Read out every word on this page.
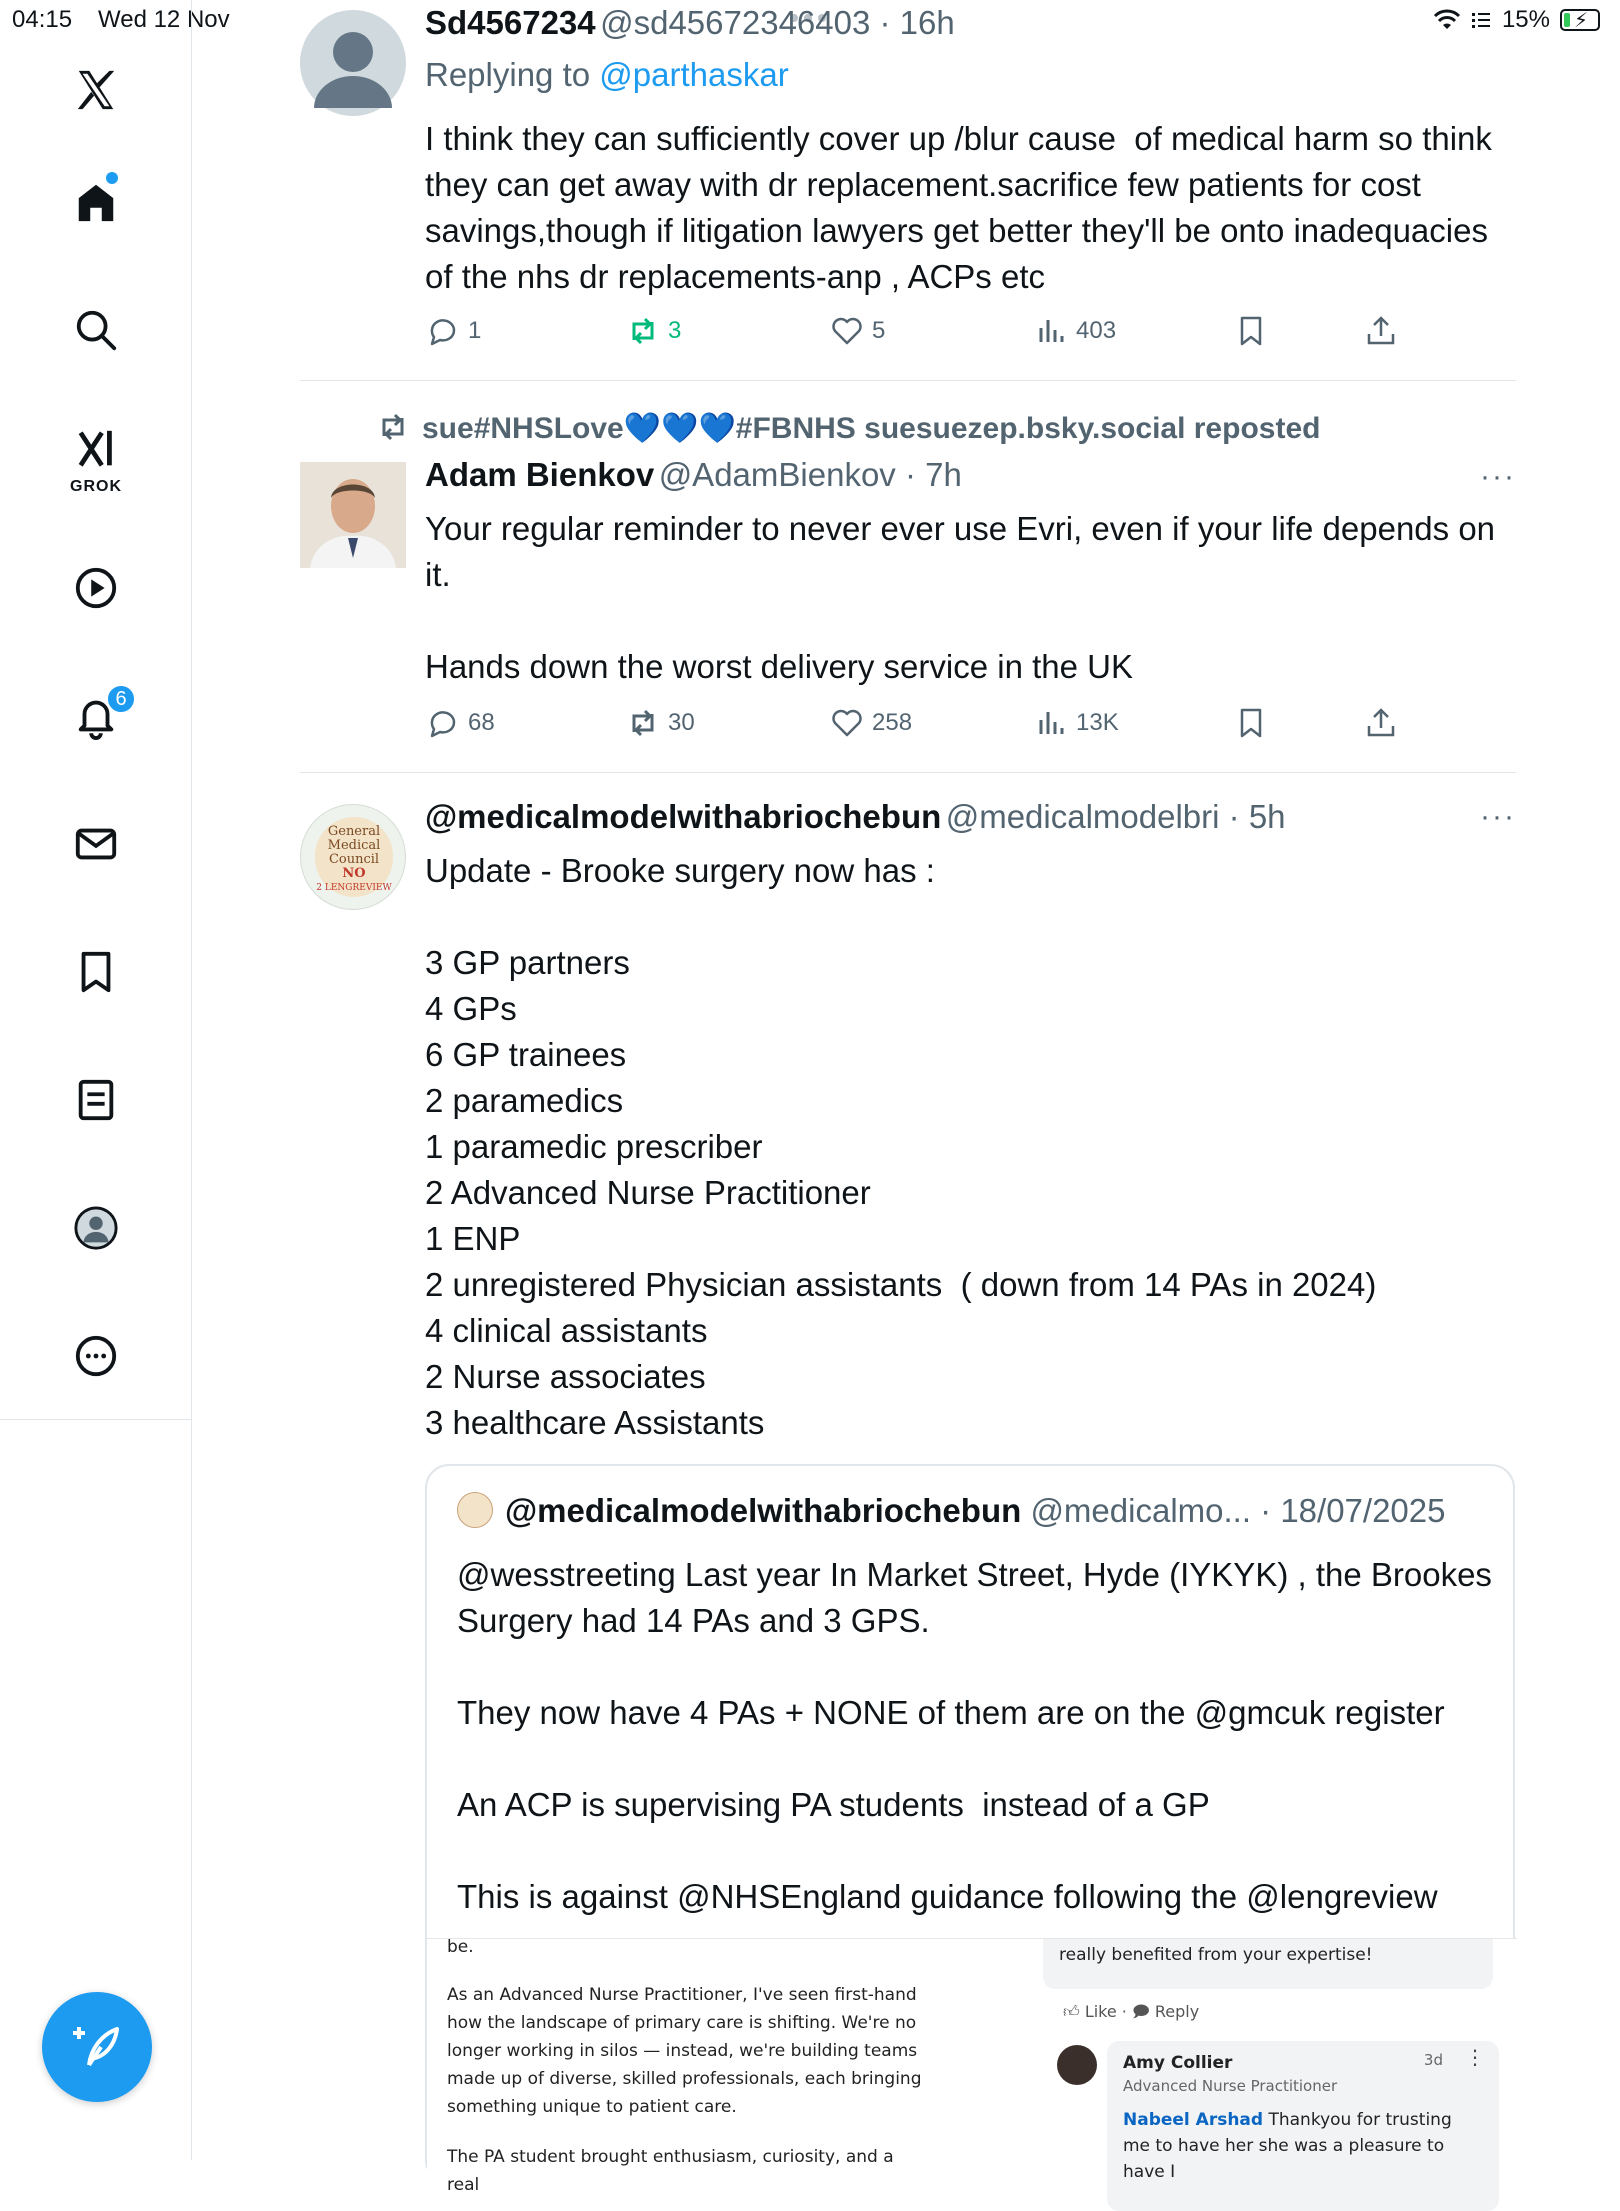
04:15 Wed 12 Nov	15% ⚡
GROK
6
Sd4567234 @sd45672346403 · 16h
Replying to @parthaskar
I think they can sufficiently cover up /blur cause  of medical harm so think they can get away with dr replacement.sacrifice few patients for cost savings,though if litigation lawyers get better they'll be onto inadequacies of the nhs dr replacements-anp , ACPs etc
1	3	5	403
sue#NHSLove💙💙💙#FBNHS suesuezep.bsky.social reposted
Adam Bienkov @AdamBienkov · 7h
Your regular reminder to never ever use Evri, even if your life depends on it.

Hands down the worst delivery service in the UK
···
68	30	258	13K
General
Medical
Council
NO
2 LENGREVIEW
@medicalmodelwithabriochebun @medicalmodelbri · 5h
Update - Brooke surgery now has :

3 GP partners
4 GPs
6 GP trainees
2 paramedics
1 paramedic prescriber
2 Advanced Nurse Practitioner
1 ENP
2 unregistered Physician assistants  ( down from 14 PAs in 2024)
4 clinical assistants
2 Nurse associates
3 healthcare Assistants
···
@medicalmodelwithabriochebun @medicalmo... · 18/07/2025
@wesstreeting Last year In Market Street, Hyde (IYKYK) , the Brookes Surgery had 14 PAs and 3 GPS.

They now have 4 PAs + NONE of them are on the @gmcuk register

An ACP is supervising PA students  instead of a GP

This is against @NHSEngland guidance following the @lengreview
be.
As an Advanced Nurse Practitioner, I've seen first-hand how the landscape of primary care is shifting. We're no longer working in silos — instead, we're building teams made up of diverse, skilled professionals, each bringing something unique to patient care.
The PA student brought enthusiasm, curiosity, and a real
really benefited from your expertise!
👍︎ Like · 🗩 Reply
Amy Collier
Advanced Nurse Practitioner
3d ⋮
Nabeel Arshad Thankyou for trusting me to have her she was a pleasure to have I
